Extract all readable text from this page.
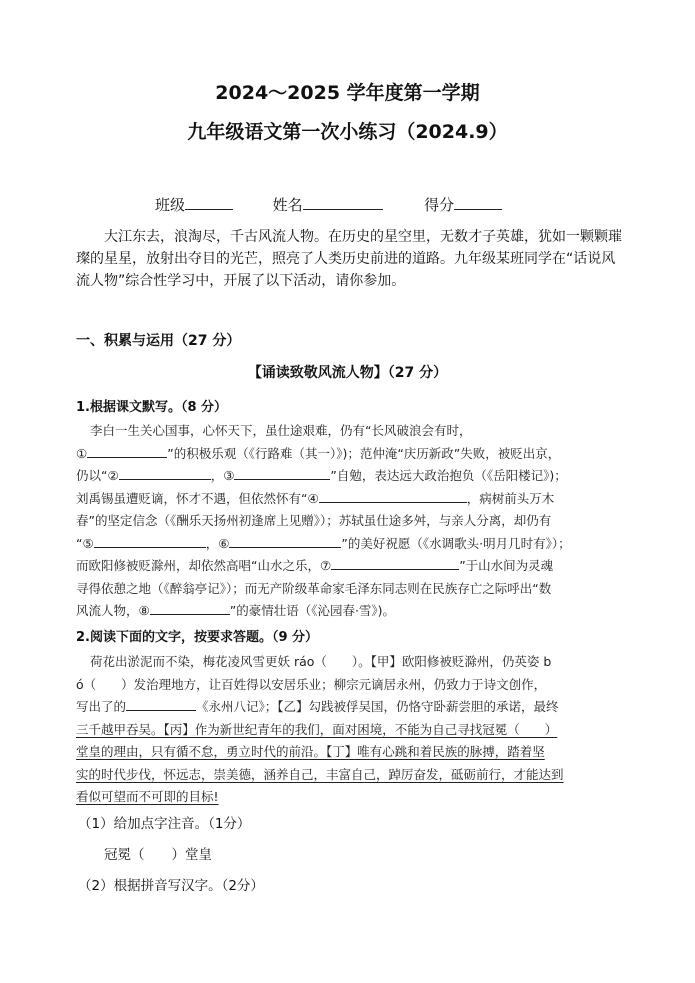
2024～2025 学年度第一学期
九年级语文第一次小练习（2024.9）
班级	姓名	得分
大江东去，浪淘尽，千古风流人物。在历史的星空里，无数才子英雄，犹如一颗颗璀璨的星星，放射出夺目的光芒，照亮了人类历史前进的道路。九年级某班同学在“话说风流人物”综合性学习中，开展了以下活动，请你参加。
一、积累与运用（27 分）
【诵读致敬风流人物】（27 分）
1.根据课文默写。（8 分）
李白一生关心国事，心怀天下，虽仕途艰难，仍有“长风破浪会有时，
①	”的积极乐观（《行路难（其一）》)；范仲淹“庆历新政”失败，被贬出京，
仍以“②	，③	”自勉，表达远大政治抱负（《岳阳楼记》)；
刘禹锡虽遭贬谪，怀才不遇，但依然怀有“④	，病树前头万木
春”的坚定信念（《酬乐天扬州初逢席上见赠》）；苏轼虽仕途多舛，与亲人分离，却仍有
“⑤	，⑥	”的美好祝愿（《水调歌头·明月几时有》）；
而欧阳修被贬滁州，却依然高唱“山水之乐，⑦	”于山水间为灵魂
寻得依憩之地（《醉翁亭记》）；而无产阶级革命家毛泽东同志则在民族存亡之际呼出“数
风流人物，⑧	”的豪情壮语（《沁园春·雪》)。
2.阅读下面的文字，按要求答题。（9 分）
荷花出淤泥而不染，梅花凌风雪更妖 ráo（　　）。【甲】欧阳修被贬滁州，仍英姿 b
ó（　　）发治理地方，让百姓得以安居乐业；柳宗元谪居永州，仍致力于诗文创作，
写出了的	《永州八记》；【乙】勾践被俘吴国，仍恪守卧薪尝胆的承诺，最终
三千越甲吞吴。【丙】作为新世纪青年的我们，面对困境，不能为自己寻找冠冕（　　）
堂皇的理由，只有循不怠，勇立时代的前沿。【丁】唯有心跳和着民族的脉搏，踏着坚
实的时代步伐，怀远志，崇美德，涵养自己，丰富自己，踔厉奋发，砥砺前行，才能达到
看似可望而不可即的目标!
（1）给加点字注音。（1分）
冠冕（　　）堂皇
（2）根据拼音写汉字。（2分）
